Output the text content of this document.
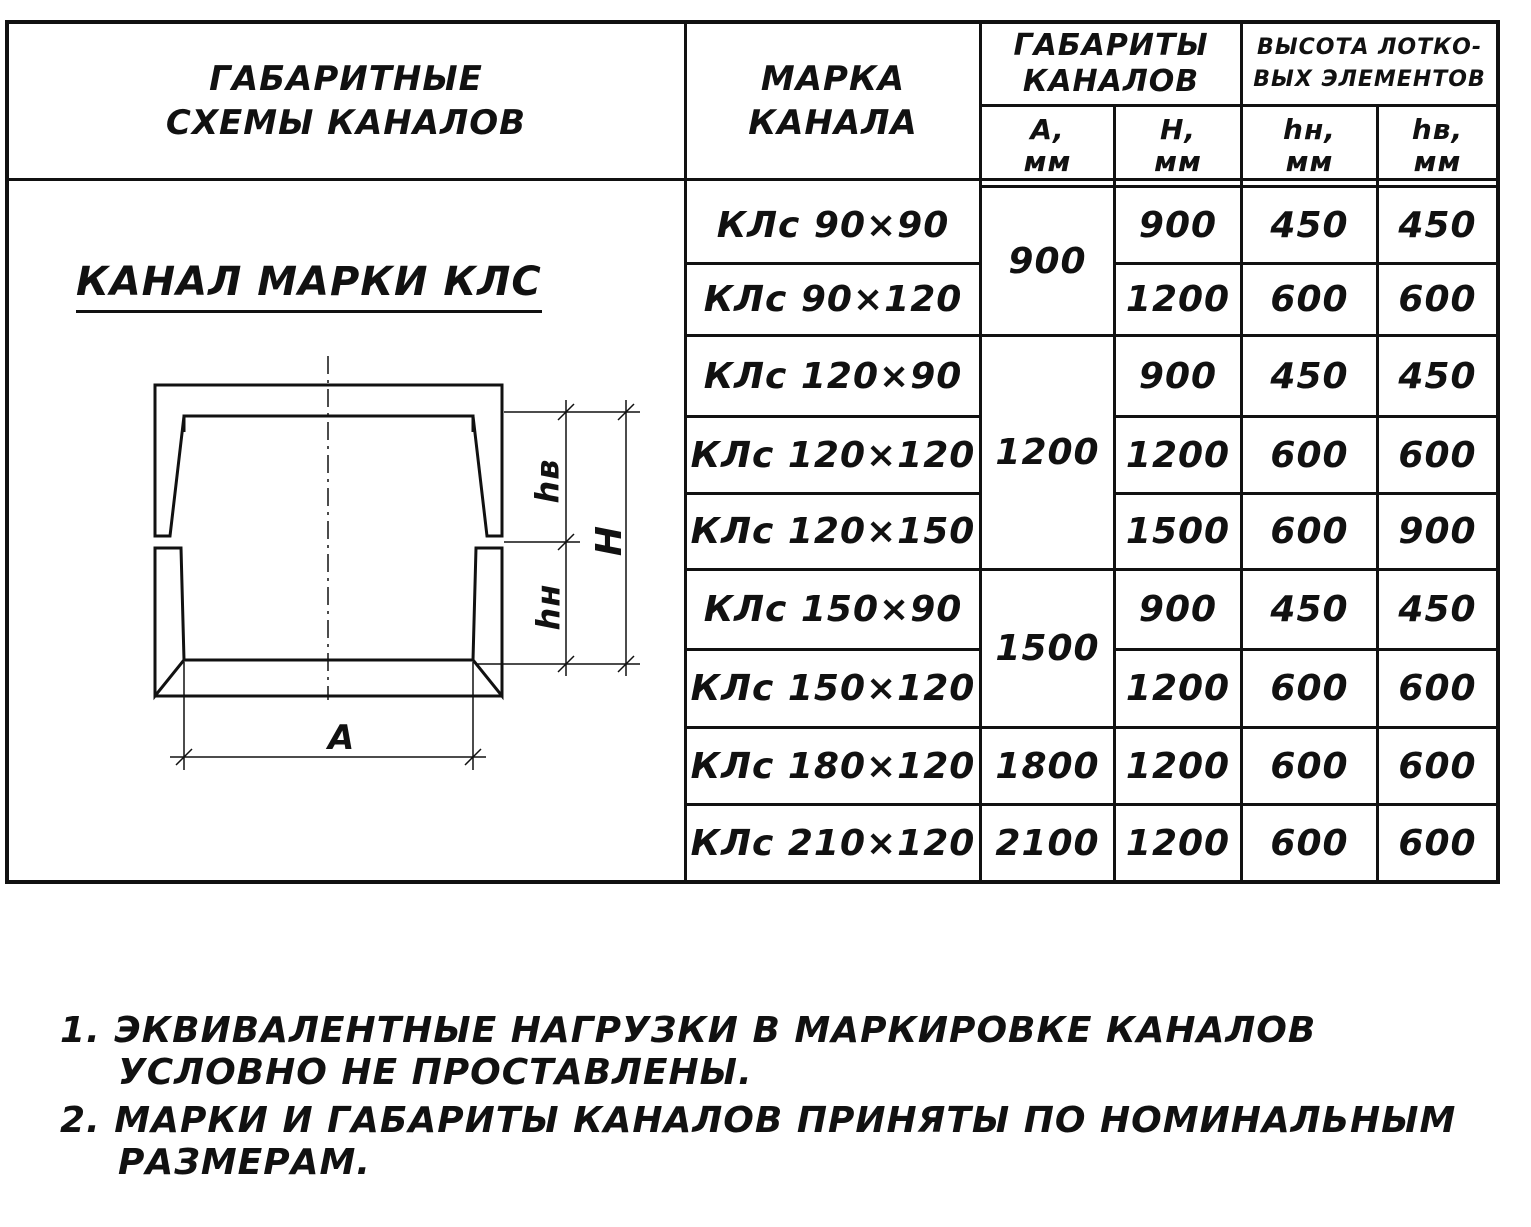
ГАБАРИТНЫЕ
СХЕМЫ КАНАЛОВ
МАРКА
КАНАЛА
ГАБАРИТЫ
КАНАЛОВ
ВЫСОТА ЛОТКО-
ВЫХ ЭЛЕМЕНТОВ
А,
мм
Н,
мм
hн,
мм
hв,
мм
КЛс 90×90
КЛс 90×120
КЛс 120×90
КЛс 120×120
КЛс 120×150
КЛс 150×90
КЛс 150×120
КЛс 180×120
КЛс 210×120
900
1200
1500
1800
2100
900
1200
900
1200
1500
900
1200
1200
1200
450
600
450
600
600
450
600
600
600
450
600
450
600
900
450
600
600
600
КАНАЛ МАРКИ КЛС
hв
hн
Н
А
1. ЭКВИВАЛЕНТНЫЕ НАГРУЗКИ В МАРКИРОВКЕ КАНАЛОВ
УСЛОВНО НЕ ПРОСТАВЛЕНЫ.
2. МАРКИ И ГАБАРИТЫ КАНАЛОВ ПРИНЯТЫ ПО НОМИНАЛЬНЫМ
РАЗМЕРАМ.
